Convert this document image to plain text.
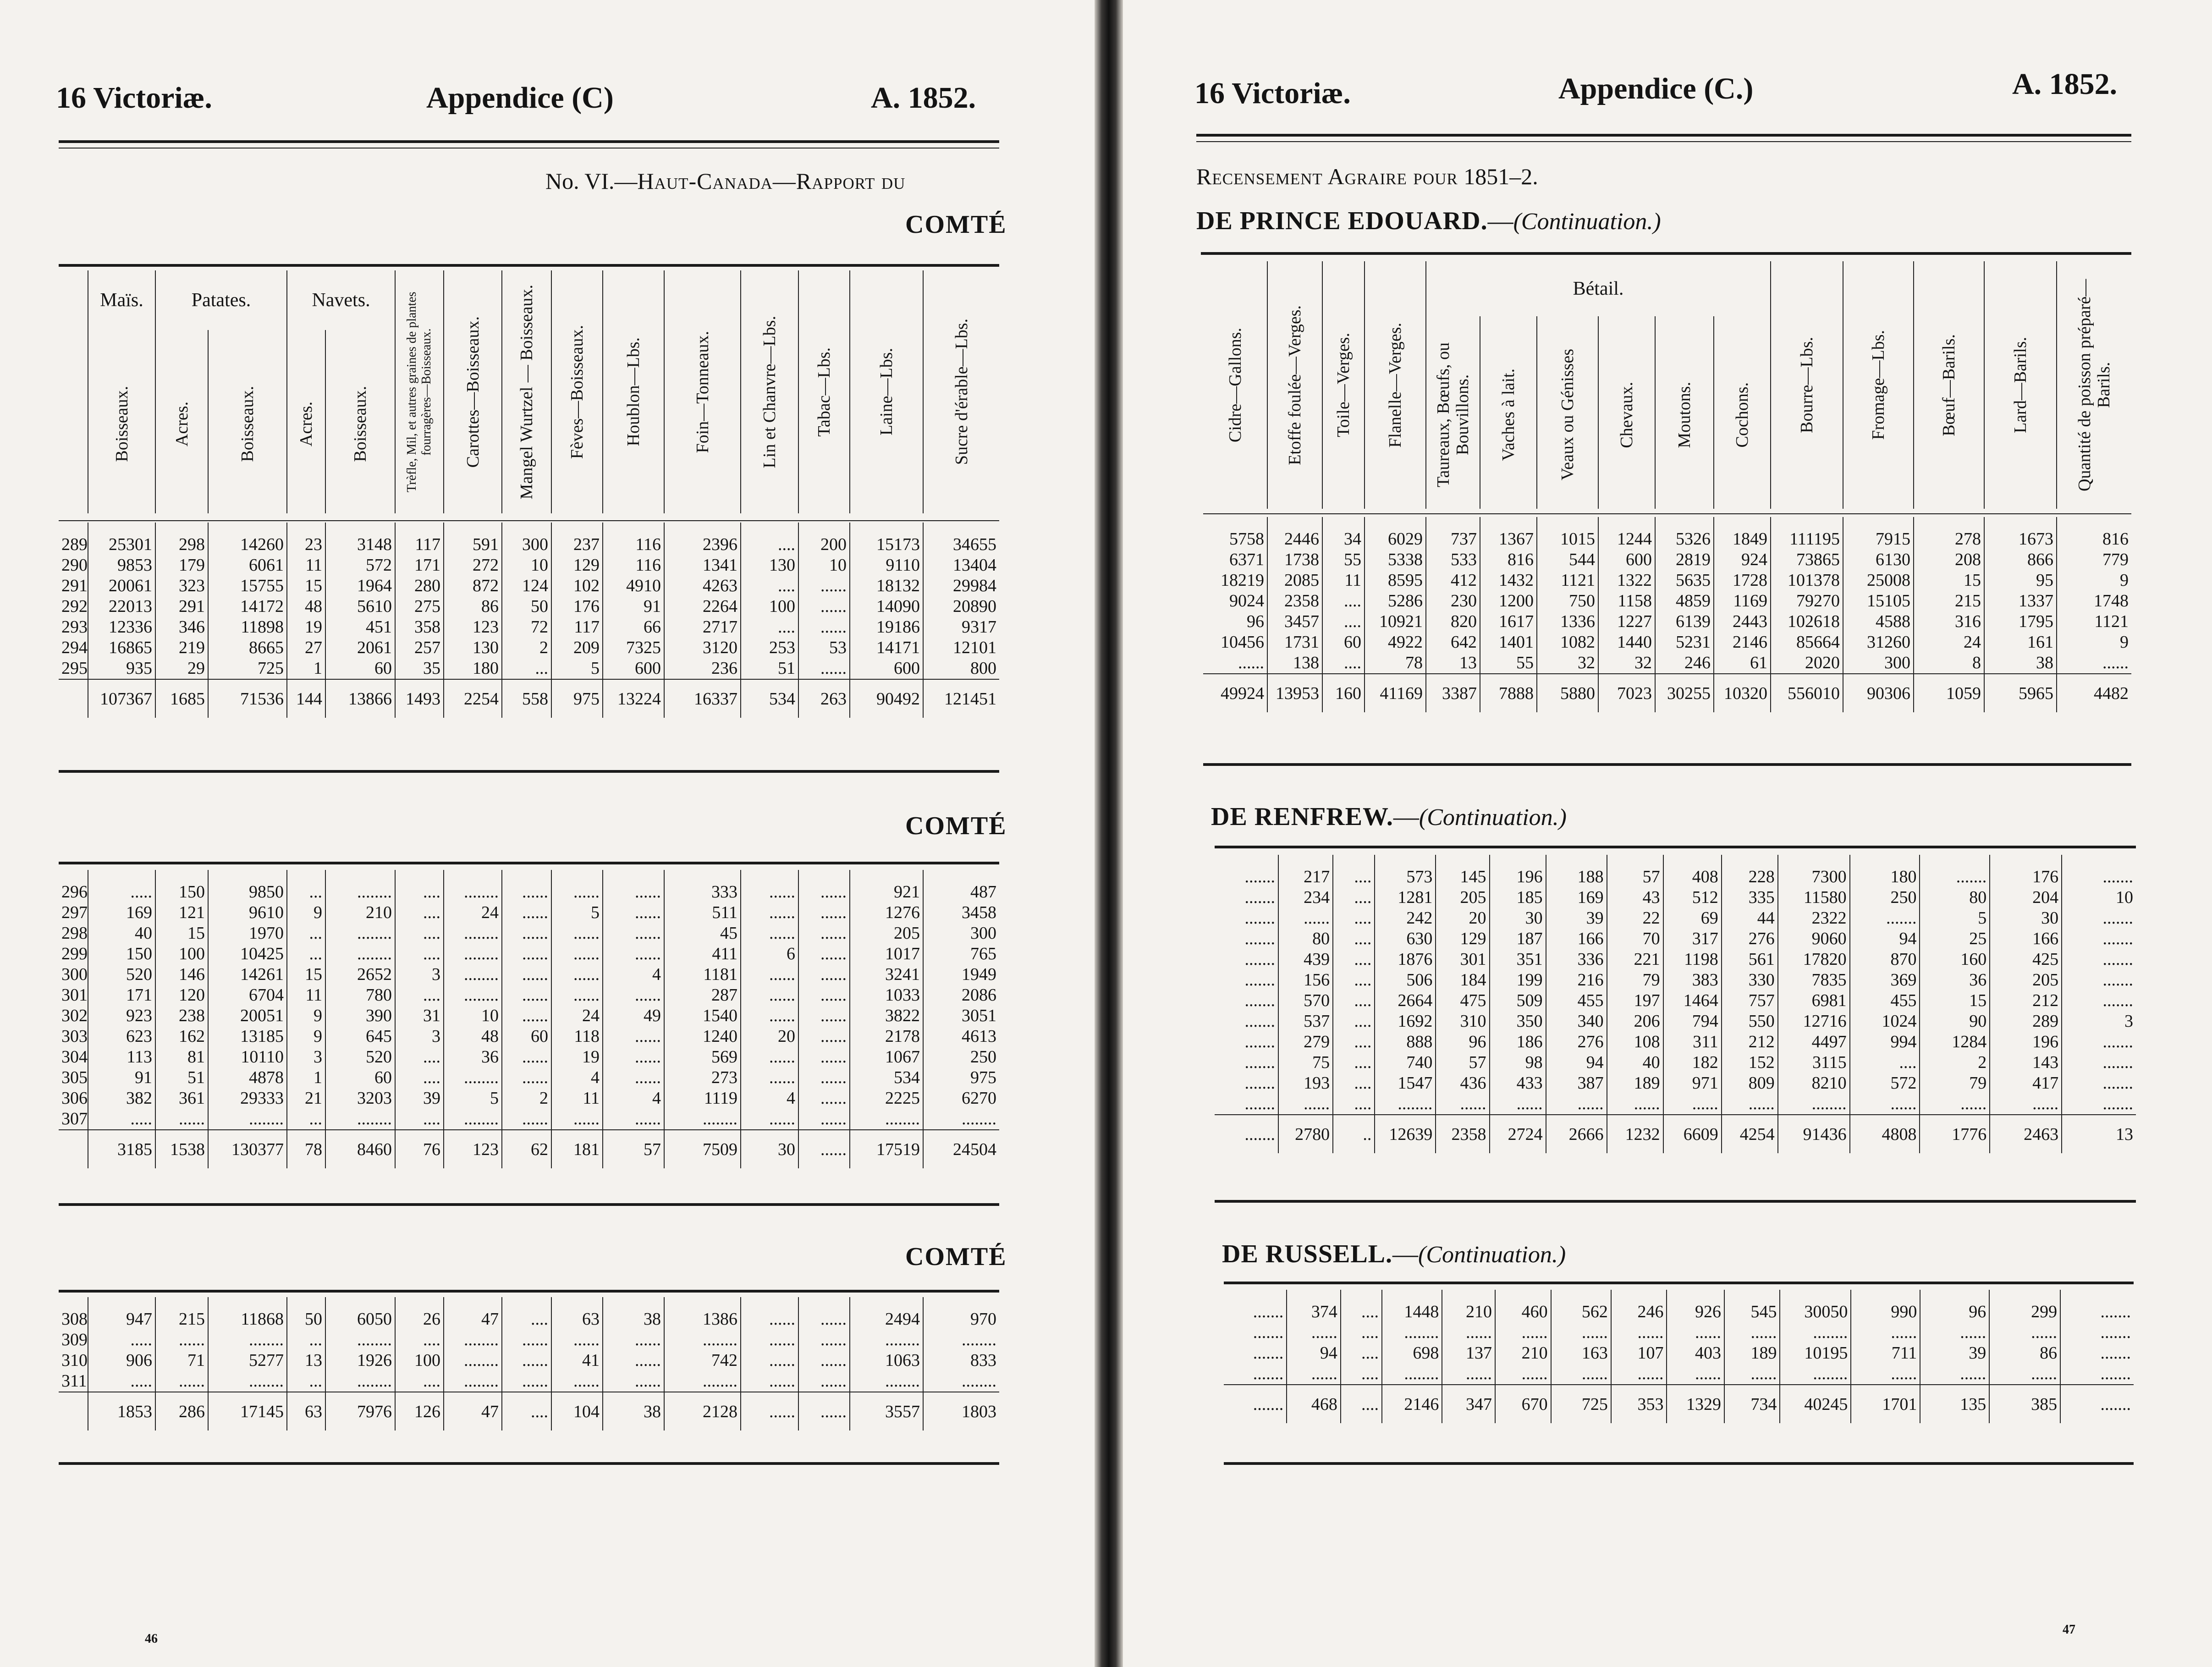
16 Victoriæ.	Appendice (C)	A. 1852.
No. VI.—Haut-Canada—Rapport du
COMTÉ
	Maïs.	Patates.		Navets.		Trèfle, Mil, et autres graines de plantes fourragères—Boisseaux.	Carottes—Boisseaux.	Mangel Wurtzel — Boisseaux.	Fèves—Boisseaux.	Houblon—Lbs.	Foin—Tonneaux.	Lin et Chanvre—Lbs.	Tabac—Lbs.	Laine—Lbs.	Sucre d'érable—Lbs.

	Boisseaux.	Acres.	Boisseaux.	Acres.	Boisseaux.										
289	25301	298	14260	23	3148	117	591	300	237	116	2396	....	200	15173	34655
290	9853	179	6061	11	572	171	272	10	129	116	1341	130	10	9110	13404
291	20061	323	15755	15	1964	280	872	124	102	4910	4263	....	......	18132	29984
292	22013	291	14172	48	5610	275	86	50	176	91	2264	100	......	14090	20890
293	12336	346	11898	19	451	358	123	72	117	66	2717	....	......	19186	9317
294	16865	219	8665	27	2061	257	130	2	209	7325	3120	253	53	14171	12101
295	935	29	725	1	60	35	180	...	5	600	236	51	......	600	800
	107367	1685	71536	144	13866	1493	2254	558	975	13224	16337	534	263	90492	121451
COMTÉ
296	.....	150	9850	...	........	....	........	......	......	......	333	......	......	921	487
297	169	121	9610	9	210	....	24	......	5	......	511	......	......	1276	3458
298	40	15	1970	...	........	....	........	......	......	......	45	......	......	205	300
299	150	100	10425	...	........	....	........	......	......	......	411	6	......	1017	765
300	520	146	14261	15	2652	3	........	......	......	4	1181	......	......	3241	1949
301	171	120	6704	11	780	....	........	......	......	......	287	......	......	1033	2086
302	923	238	20051	9	390	31	10	......	24	49	1540	......	......	3822	3051
303	623	162	13185	9	645	3	48	60	118	......	1240	20	......	2178	4613
304	113	81	10110	3	520	....	36	......	19	......	569	......	......	1067	250
305	91	51	4878	1	60	....	........	......	4	......	273	......	......	534	975
306	382	361	29333	21	3203	39	5	2	11	4	1119	4	......	2225	6270
307	.....	......	........	...	........	....	........	......	......	......	........	......	......	........	........
	3185	1538	130377	78	8460	76	123	62	181	57	7509	30	......	17519	24504
COMTÉ
308	947	215	11868	50	6050	26	47	....	63	38	1386	......	......	2494	970
309	.....	......	........	...	........	....	........	......	......	......	........	......	......	........	........
310	906	71	5277	13	1926	100	........	......	41	......	742	......	......	1063	833
311	.....	......	........	...	........	....	........	......	......	......	........	......	......	........	........
	1853	286	17145	63	7976	126	47	....	104	38	2128	......	......	3557	1803
46
16 Victoriæ.	Appendice (C.)	A. 1852.
Recensement Agraire pour 1851–2.
DE PRINCE EDOUARD.—(Continuation.)
Cidre—Gallons.	Etoffe foulée—Verges.	Toile—Verges.	Flanelle—Verges.	Bétail.						Bourre—Lbs.	Fromage—Lbs.	Bœuf—Barils.	Lard—Barils.	Quantité de poisson préparé—Barils.

				Taureaux, Bœufs, ou Bouvillons.	Vaches à lait.	Veaux ou Génisses	Chevaux.	Moutons.	Cochons.					
5758	2446	34	6029	737	1367	1015	1244	5326	1849	111195	7915	278	1673	816
6371	1738	55	5338	533	816	544	600	2819	924	73865	6130	208	866	779
18219	2085	11	8595	412	1432	1121	1322	5635	1728	101378	25008	15	95	9
9024	2358	....	5286	230	1200	750	1158	4859	1169	79270	15105	215	1337	1748
96	3457	....	10921	820	1617	1336	1227	6139	2443	102618	4588	316	1795	1121
10456	1731	60	4922	642	1401	1082	1440	5231	2146	85664	31260	24	161	9
......	138	....	78	13	55	32	32	246	61	2020	300	8	38	......
49924	13953	160	41169	3387	7888	5880	7023	30255	10320	556010	90306	1059	5965	4482
DE RENFREW.—(Continuation.)
.......	217	....	573	145	196	188	57	408	228	7300	180	.......	176	.......
.......	234	....	1281	205	185	169	43	512	335	11580	250	80	204	10
.......	......	....	242	20	30	39	22	69	44	2322	.......	5	30	.......
.......	80	....	630	129	187	166	70	317	276	9060	94	25	166	.......
.......	439	....	1876	301	351	336	221	1198	561	17820	870	160	425	.......
.......	156	....	506	184	199	216	79	383	330	7835	369	36	205	.......
.......	570	....	2664	475	509	455	197	1464	757	6981	455	15	212	.......
.......	537	....	1692	310	350	340	206	794	550	12716	1024	90	289	3
.......	279	....	888	96	186	276	108	311	212	4497	994	1284	196	.......
.......	75	....	740	57	98	94	40	182	152	3115	....	2	143	.......
.......	193	....	1547	436	433	387	189	971	809	8210	572	79	417	.......
.......	......	....	........	......	......	......	......	......	......	........	......	......	......	.......
.......	2780	..	12639	2358	2724	2666	1232	6609	4254	91436	4808	1776	2463	13
DE RUSSELL.—(Continuation.)
.......	374	....	1448	210	460	562	246	926	545	30050	990	96	299	.......
.......	......	....	........	......	......	......	......	......	......	........	......	......	......	.......
.......	94	....	698	137	210	163	107	403	189	10195	711	39	86	.......
.......	......	....	........	......	......	......	......	......	......	........	......	......	......	.......
.......	468	....	2146	347	670	725	353	1329	734	40245	1701	135	385	.......
47
